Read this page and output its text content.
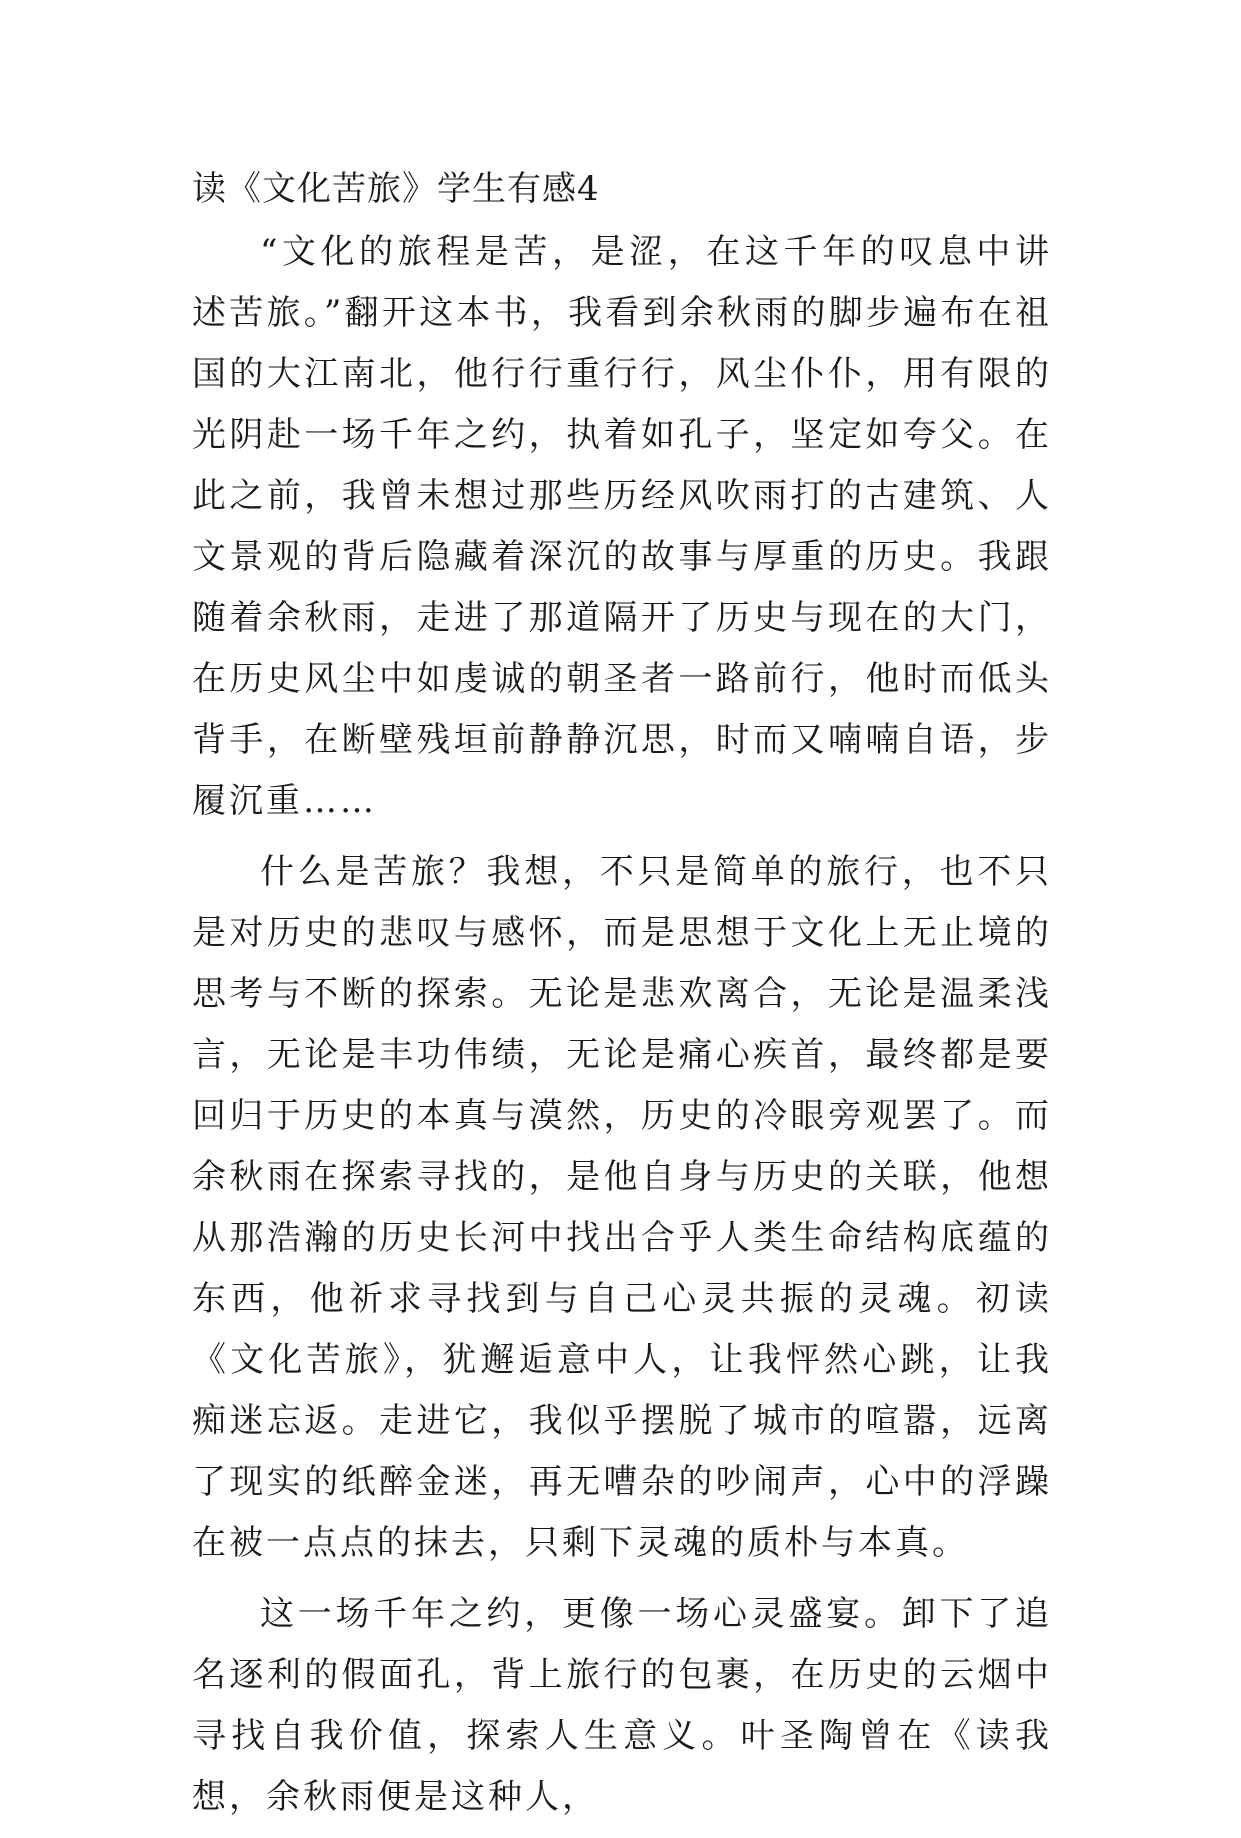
读《文化苦旅》学生有感4

“文化的旅程是苦，是涩，在这千年的叹息中讲述苦旅。”翻开这本书，我看到余秋雨的脚步遍布在祖国的大江南北，他行行重行行，风尘仆仆，用有限的光阴赴一场千年之约，执着如孔子，坚定如夸父。在此之前，我曾未想过那些历经风吹雨打的古建筑、人文景观的背后隐藏着深沉的故事与厚重的历史。我跟随着余秋雨，走进了那道隔开了历史与现在的大门，在历史风尘中如虔诚的朝圣者一路前行，他时而低头背手，在断壁残垣前静静沉思，时而又喃喃自语，步履沉重……

什么是苦旅？我想，不只是简单的旅行，也不只是对历史的悲叹与感怀，而是思想于文化上无止境的思考与不断的探索。无论是悲欢离合，无论是温柔浅言，无论是丰功伟绩，无论是痛心疾首，最终都是要回归于历史的本真与漠然，历史的冷眼旁观罢了。而余秋雨在探索寻找的，是他自身与历史的关联，他想从那浩瀚的历史长河中找出合乎人类生命结构底蕴的东西，他祈求寻找到与自己心灵共振的灵魂。初读《文化苦旅》，犹邂逅意中人，让我怦然心跳，让我痴迷忘返。走进它，我似乎摆脱了城市的喧嚣，远离了现实的纸醉金迷，再无嘈杂的吵闹声，心中的浮躁在被一点点的抹去，只剩下灵魂的质朴与本真。

这一场千年之约，更像一场心灵盛宴。卸下了追名逐利的假面孔，背上旅行的包裹，在历史的云烟中寻找自我价值，探索人生意义。叶圣陶曾在《读我想，余秋雨便是这种人，
